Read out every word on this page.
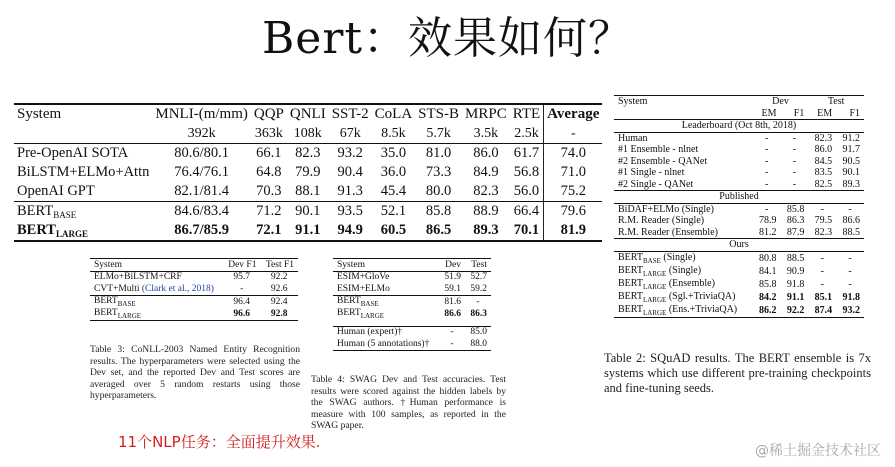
Bert：效果如何？
System	MNLI-(m/mm)	QQP	QNLI	SST-2	CoLA	STS-B	MRPC	RTE	Average
	392k	363k	108k	67k	8.5k	5.7k	3.5k	2.5k	-
Pre-OpenAI SOTA	80.6/80.1	66.1	82.3	93.2	35.0	81.0	86.0	61.7	74.0
BiLSTM+ELMo+Attn	76.4/76.1	64.8	79.9	90.4	36.0	73.3	84.9	56.8	71.0
OpenAI GPT	82.1/81.4	70.3	88.1	91.3	45.4	80.0	82.3	56.0	75.2
$BERT_{BASE}$	84.6/83.4	71.2	90.1	93.5	52.1	85.8	88.9	66.4	79.6
$BERT_{LARGE}$	86.7/85.9	72.1	91.1	94.9	60.5	86.5	89.3	70.1	81.9
System	Dev F1	Test F1
ELMo+BiLSTM+CRF	95.7	92.2
CVT+Multi (Clark et al., 2018)	-	92.6
$BERT_{BASE}$	96.4	92.4
$BERT_{LARGE}$	96.6	92.8
Table 3: CoNLL-2003 Named Entity Recognition results. The hyperparameters were selected using the Dev set, and the reported Dev and Test scores are averaged over 5 random restarts using those hyperparameters.
System	Dev	Test
ESIM+GloVe	51.9	52.7
ESIM+ELMo	59.1	59.2
$BERT_{BASE}$	81.6	-
$BERT_{LARGE}$	86.6	86.3

Human (expert)†	-	85.0
Human (5 annotations)†	-	88.0
Table 4: SWAG Dev and Test accuracies. Test results were scored against the hidden labels by the SWAG authors. †Human performance is measure with 100 samples, as reported in the SWAG paper.
System	Dev		Test	
	EM	F1	EM	F1
Leaderboard (Oct 8th, 2018)				
Human	-	-	82.3	91.2
#1 Ensemble - nlnet	-	-	86.0	91.7
#2 Ensemble - QANet	-	-	84.5	90.5
#1 Single - nlnet	-	-	83.5	90.1
#2 Single - QANet	-	-	82.5	89.3
Published				
BiDAF+ELMo (Single)	-	85.8	-	-
R.M. Reader (Single)	78.9	86.3	79.5	86.6
R.M. Reader (Ensemble)	81.2	87.9	82.3	88.5
Ours				
$BERT_{BASE}$ (Single)	80.8	88.5	-	-
$BERT_{LARGE}$ (Single)	84.1	90.9	-	-
$BERT_{LARGE}$ (Ensemble)	85.8	91.8	-	-
$BERT_{LARGE}$ (Sgl.+TriviaQA)	84.2	91.1	85.1	91.8
$BERT_{LARGE}$ (Ens.+TriviaQA)	86.2	92.2	87.4	93.2
Table 2: SQuAD results. The BERT ensemble is 7x systems which use different pre-training checkpoints and fine-tuning seeds.
11个NLP任务：全面提升效果.	@稀土掘金技术社区
